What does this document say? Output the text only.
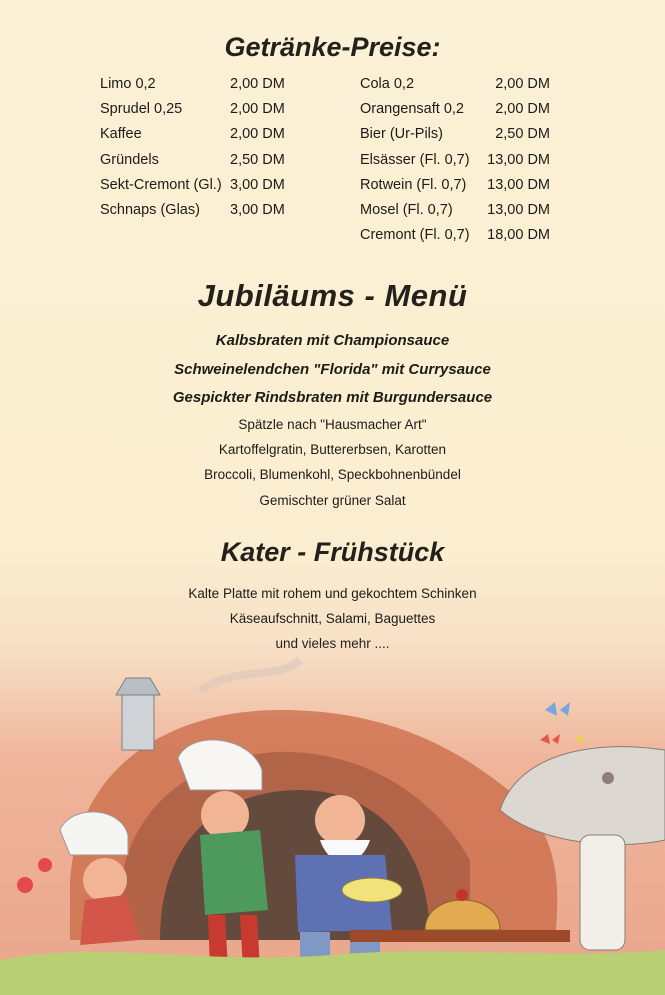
Getränke-Preise:
Limo 0,2	2,00 DM
Sprudel 0,25	2,00 DM
Kaffee	2,00 DM
Gründels	2,50 DM
Sekt-Cremont (Gl.) 3,00 DM
Schnaps (Glas) 3,00 DM
Cola 0,2	2,00 DM
Orangensaft 0,2 2,00 DM
Bier (Ur-Pils)	2,50 DM
Elsässer (Fl. 0,7) 13,00 DM
Rotwein (Fl. 0,7) 13,00 DM
Mosel (Fl. 0,7) 13,00 DM
Cremont (Fl. 0,7) 18,00 DM
Jubiläums - Menü
Kalbsbraten mit Championsauce
Schweinelendchen "Florida" mit Currysauce
Gespickter Rindsbraten mit Burgundersauce
Spätzle nach "Hausmacher Art"
Kartoffelgratin, Buttererbsen, Karotten
Broccoli, Blumenkohl, Speckbohnenbündel
Gemischter grüner Salat
Kater - Frühstück
Kalte Platte mit rohem und gekochtem Schinken
Käseaufschnitt, Salami, Baguettes
